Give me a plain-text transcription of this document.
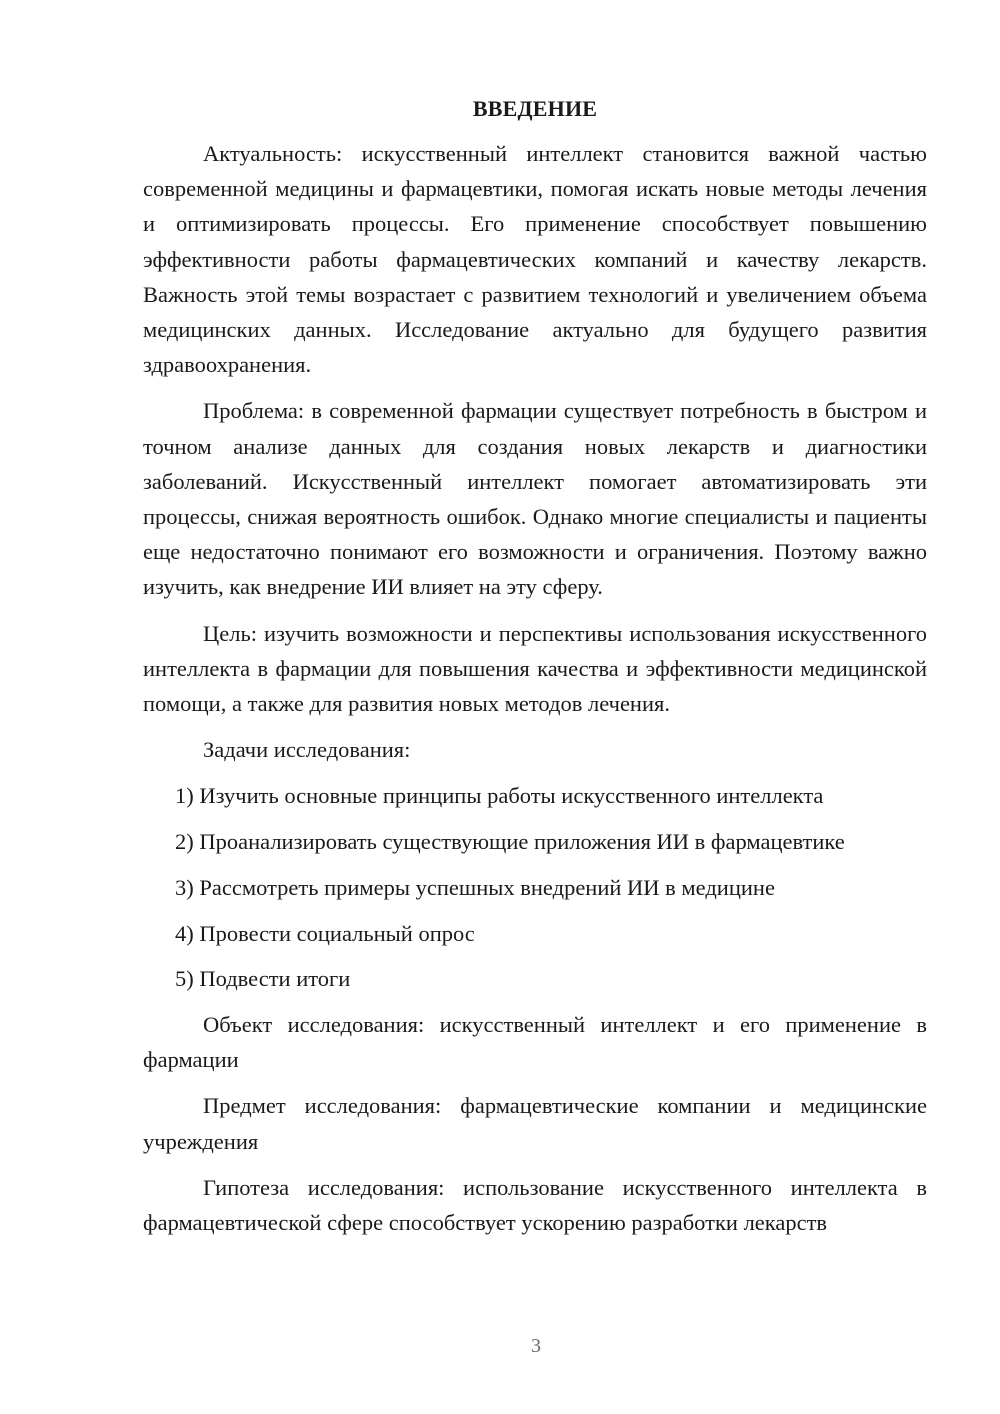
ВВЕДЕНИЕ

Актуальность: искусственный интеллект становится важной частью современной медицины и фармацевтики, помогая искать новые методы лечения и оптимизировать процессы. Его применение способствует повышению эффективности работы фармацевтических компаний и качеству лекарств. Важность этой темы возрастает с развитием технологий и увеличением объема медицинских данных. Исследование актуально для будущего развития здравоохранения.

Проблема: в современной фармации существует потребность в быстром и точном анализе данных для создания новых лекарств и диагностики заболеваний. Искусственный интеллект помогает автоматизировать эти процессы, снижая вероятность ошибок. Однако многие специалисты и пациенты еще недостаточно понимают его возможности и ограничения. Поэтому важно изучить, как внедрение ИИ влияет на эту сферу.

Цель: изучить возможности и перспективы использования искусственного интеллекта в фармации для повышения качества и эффективности медицинской помощи, а также для развития новых методов лечения.

Задачи исследования:

1) Изучить основные принципы работы искусственного интеллекта

2) Проанализировать существующие приложения ИИ в фармацевтике

3) Рассмотреть примеры успешных внедрений ИИ в медицине

4) Провести социальный опрос

5) Подвести итоги

Объект исследования: искусственный интеллект и его применение в фармации

Предмет исследования: фармацевтические компании и медицинские учреждения

Гипотеза исследования: использование искусственного интеллекта в фармацевтической сфере способствует ускорению разработки лекарств

3
